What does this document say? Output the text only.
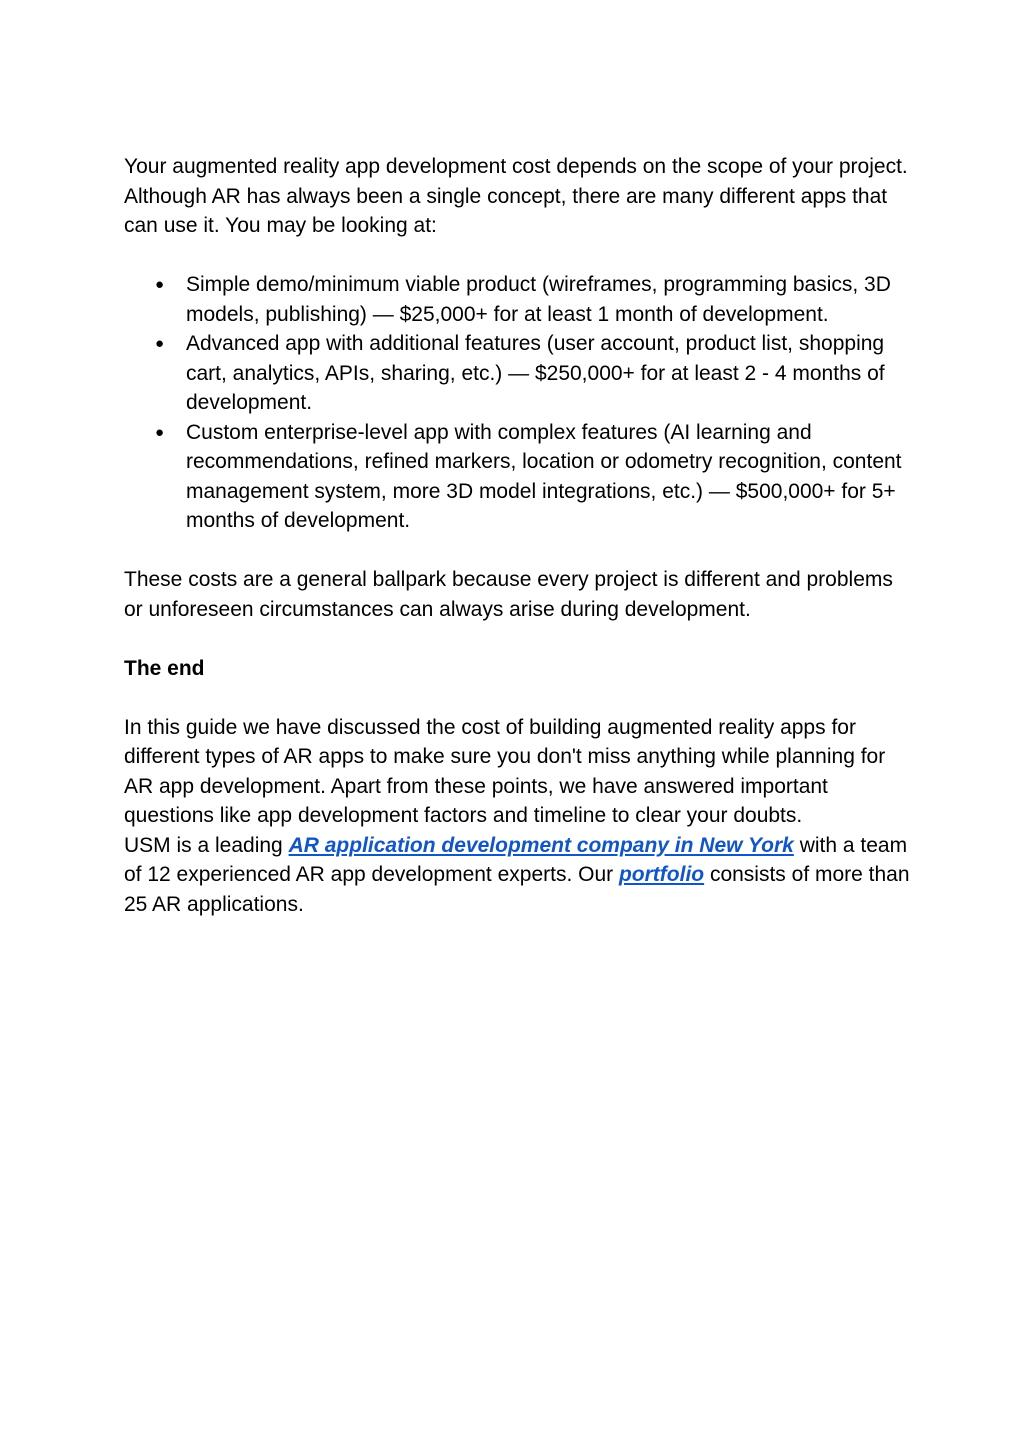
Your augmented reality app development cost depends on the scope of your project. Although AR has always been a single concept, there are many different apps that can use it. You may be looking at:

● Simple demo/minimum viable product (wireframes, programming basics, 3D models, publishing) — $25,000+ for at least 1 month of development.
● Advanced app with additional features (user account, product list, shopping cart, analytics, APIs, sharing, etc.) — $250,000+ for at least 2 - 4 months of development.
● Custom enterprise-level app with complex features (AI learning and recommendations, refined markers, location or odometry recognition, content management system, more 3D model integrations, etc.) — $500,000+ for 5+ months of development.

These costs are a general ballpark because every project is different and problems or unforeseen circumstances can always arise during development.

The end

In this guide we have discussed the cost of building augmented reality apps for different types of AR apps to make sure you don't miss anything while planning for AR app development. Apart from these points, we have answered important questions like app development factors and timeline to clear your doubts.

USM is a leading AR application development company in New York with a team of 12 experienced AR app development experts. Our portfolio consists of more than 25 AR applications.
